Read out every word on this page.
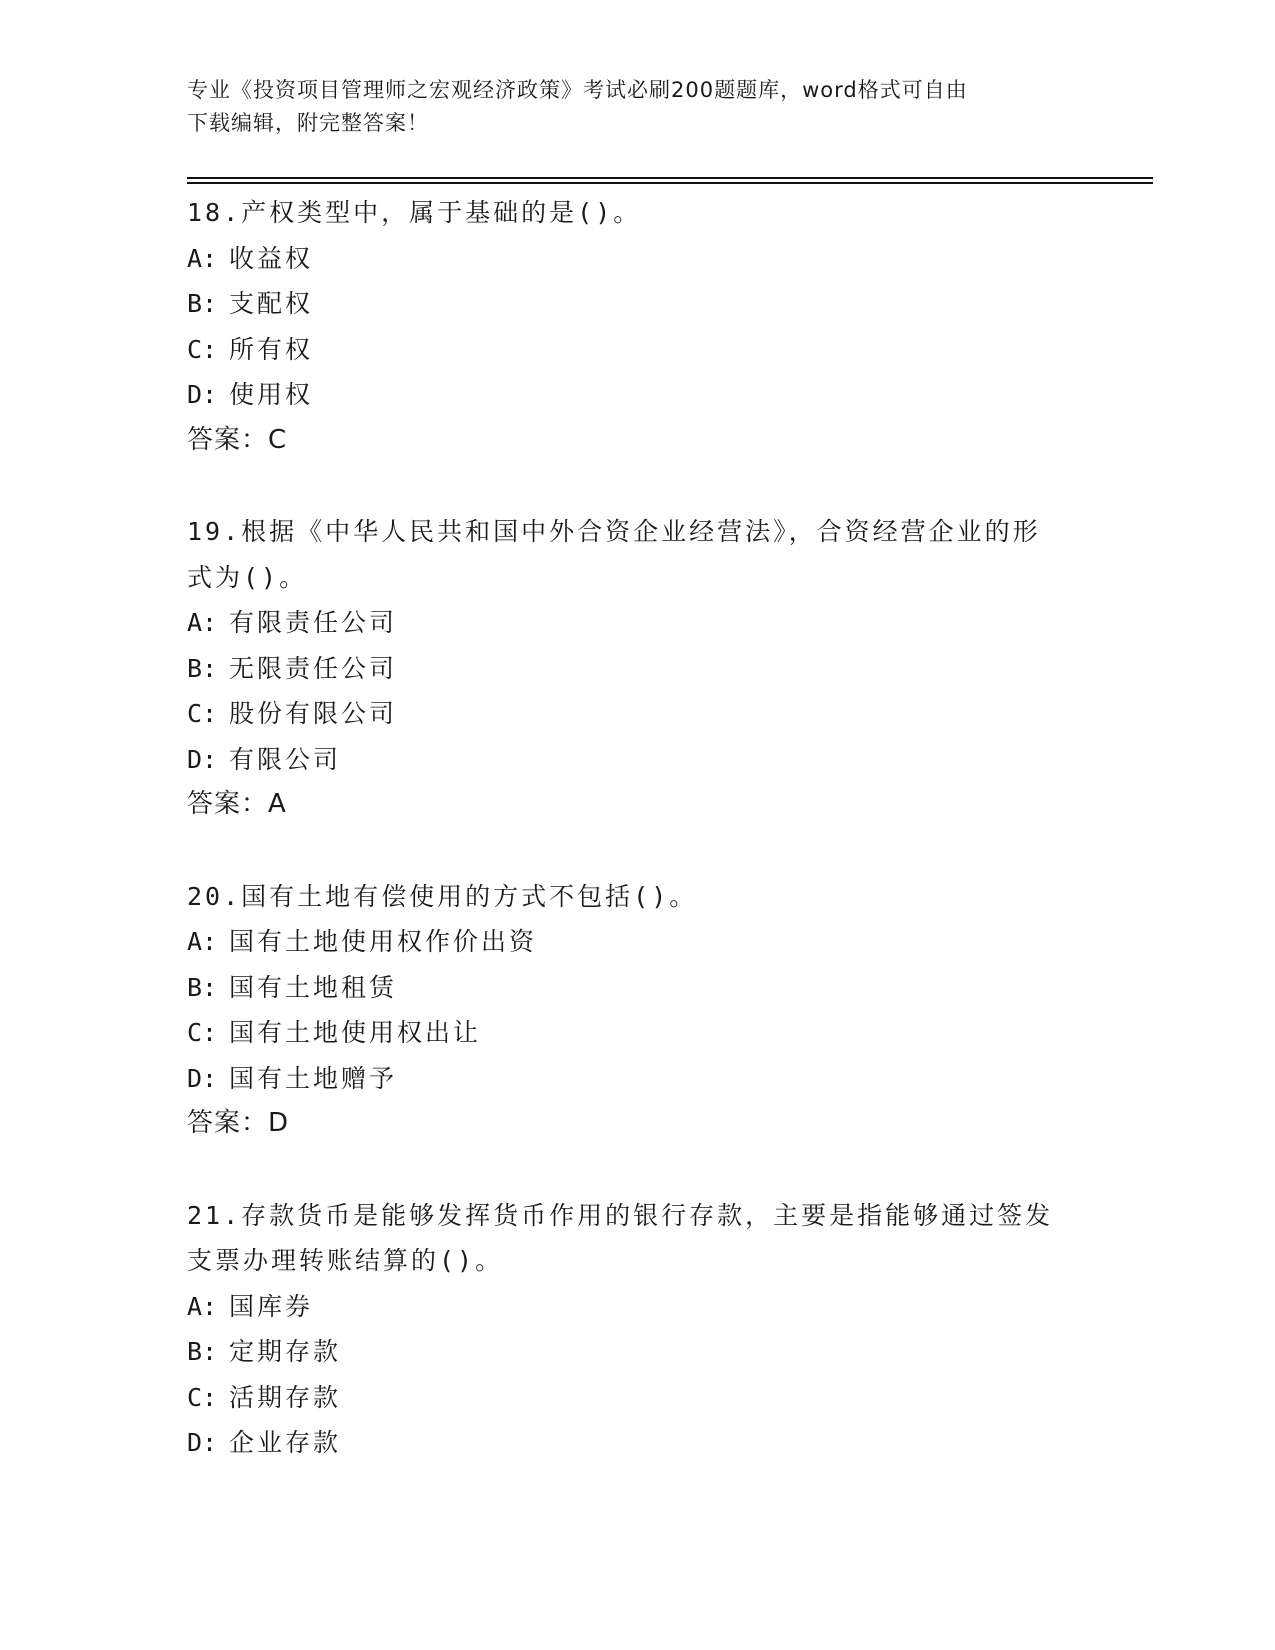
专业《投资项目管理师之宏观经济政策》考试必刷200题题库，word格式可自由
下载编辑，附完整答案！
18.产权类型中，属于基础的是()。
A: 收益权
B: 支配权
C: 所有权
D: 使用权
答案：C
19.根据《中华人民共和国中外合资企业经营法》，合资经营企业的形
式为()。
A: 有限责任公司
B: 无限责任公司
C: 股份有限公司
D: 有限公司
答案：A
20.国有土地有偿使用的方式不包括()。
A: 国有土地使用权作价出资
B: 国有土地租赁
C: 国有土地使用权出让
D: 国有土地赠予
答案：D
21.存款货币是能够发挥货币作用的银行存款，主要是指能够通过签发
支票办理转账结算的()。
A: 国库券
B: 定期存款
C: 活期存款
D: 企业存款
